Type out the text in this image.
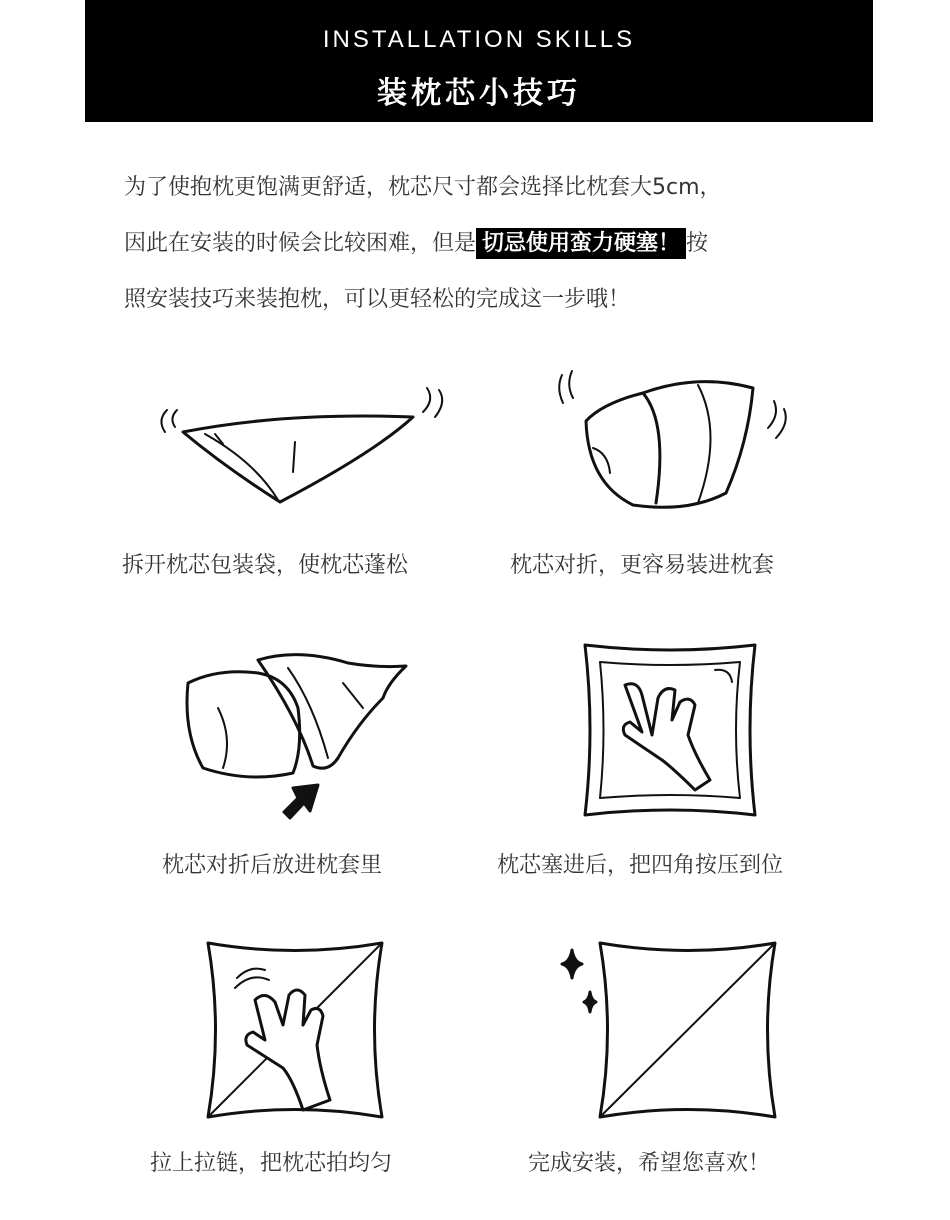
INSTALLATION SKILLS
装枕芯小技巧
为了使抱枕更饱满更舒适，枕芯尺寸都会选择比枕套大5cm，
因此在安装的时候会比较困难，但是 切忌使用蛮力硬塞！ 按
照安装技巧来装抱枕，可以更轻松的完成这一步哦！
拆开枕芯包装袋，使枕芯蓬松	枕芯对折，更容易装进枕套
枕芯对折后放进枕套里	枕芯塞进后，把四角按压到位
拉上拉链，把枕芯拍均匀	完成安装，希望您喜欢！
